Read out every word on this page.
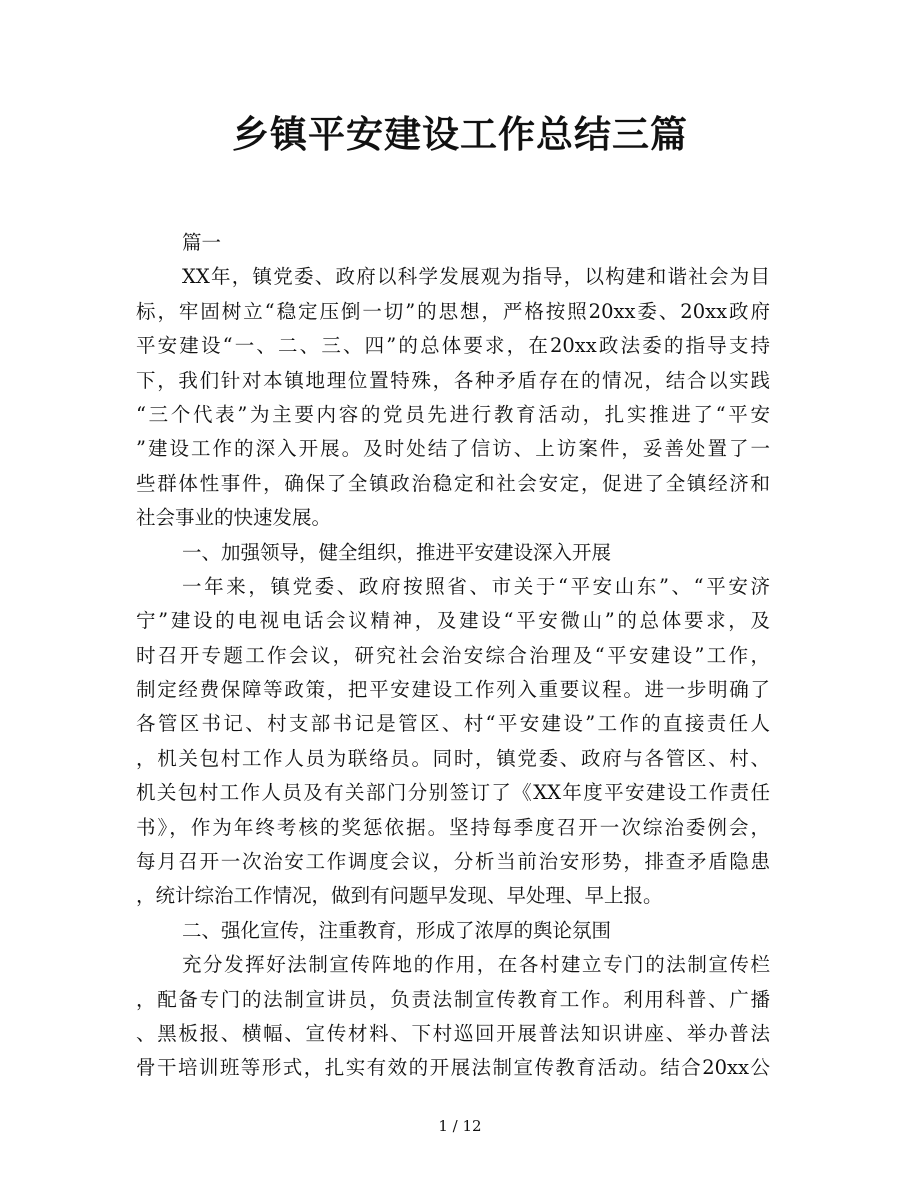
乡镇平安建设工作总结三篇
篇一
XX年，镇党委、政府以科学发展观为指导，以构建和谐社会为目
标，牢固树立“稳定压倒一切”的思想，严格按照20xx委、20xx政府
平安建设“一、二、三、四”的总体要求，在20xx政法委的指导支持
下，我们针对本镇地理位置特殊，各种矛盾存在的情况，结合以实践
“三个代表”为主要内容的党员先进行教育活动，扎实推进了“平安
”建设工作的深入开展。及时处结了信访、上访案件，妥善处置了一
些群体性事件，确保了全镇政治稳定和社会安定，促进了全镇经济和
社会事业的快速发展。
一、加强领导，健全组织，推进平安建设深入开展
一年来，镇党委、政府按照省、市关于“平安山东”、“平安济
宁”建设的电视电话会议精神，及建设“平安微山”的总体要求，及
时召开专题工作会议，研究社会治安综合治理及“平安建设”工作，
制定经费保障等政策，把平安建设工作列入重要议程。进一步明确了
各管区书记、村支部书记是管区、村“平安建设”工作的直接责任人
，机关包村工作人员为联络员。同时，镇党委、政府与各管区、村、
机关包村工作人员及有关部门分别签订了《XX年度平安建设工作责任
书》，作为年终考核的奖惩依据。坚持每季度召开一次综治委例会，
每月召开一次治安工作调度会议，分析当前治安形势，排查矛盾隐患
，统计综治工作情况，做到有问题早发现、早处理、早上报。
二、强化宣传，注重教育，形成了浓厚的舆论氛围
充分发挥好法制宣传阵地的作用，在各村建立专门的法制宣传栏
，配备专门的法制宣讲员，负责法制宣传教育工作。利用科普、广播
、黑板报、横幅、宣传材料、下村巡回开展普法知识讲座、举办普法
骨干培训班等形式，扎实有效的开展法制宣传教育活动。结合20xx公
1 / 12
